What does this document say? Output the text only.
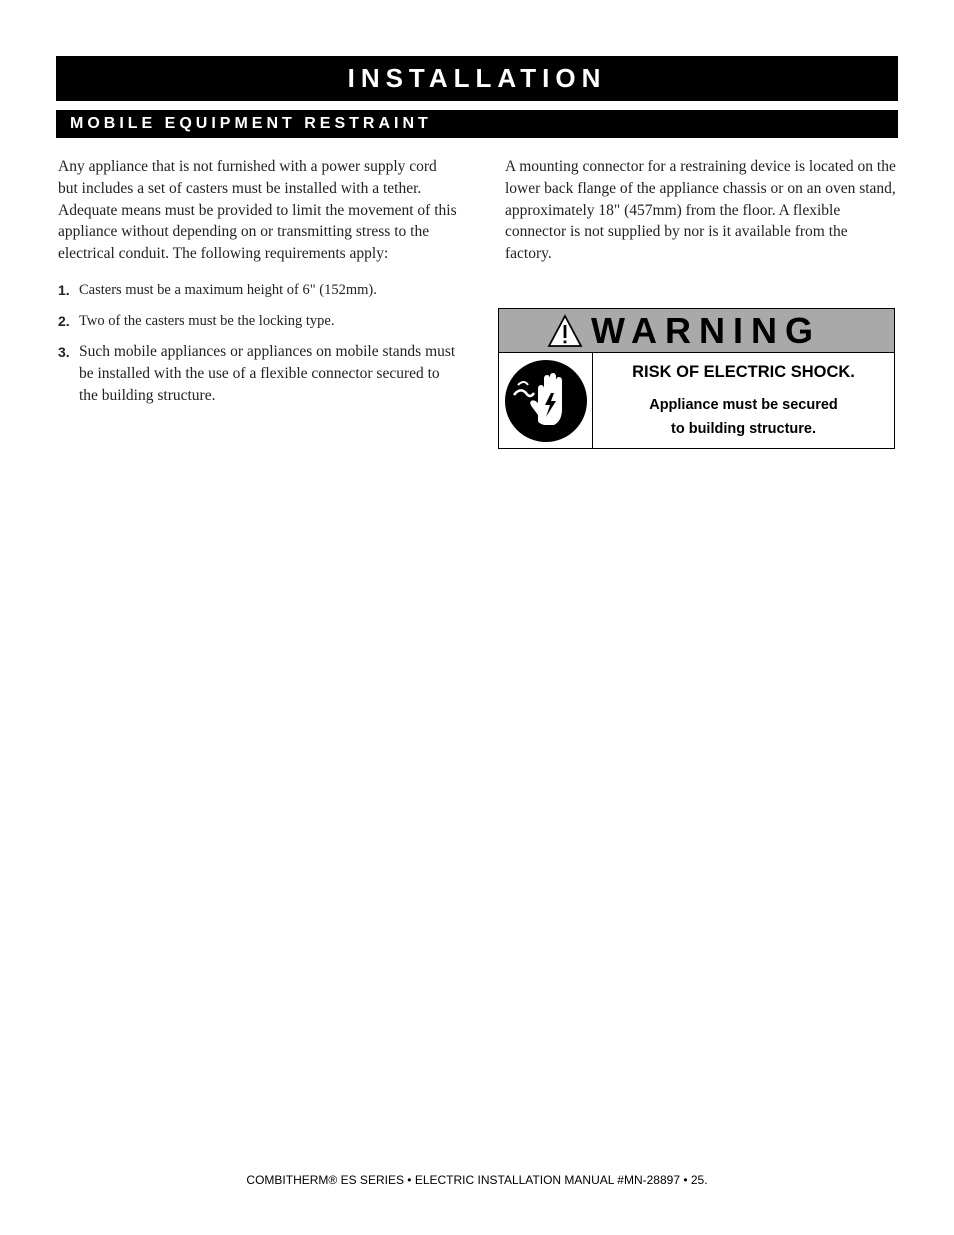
INSTALLATION
MOBILE EQUIPMENT RESTRAINT

Any appliance that is not furnished with a power supply cord but includes a set of casters must be installed with a tether. Adequate means must be provided to limit the movement of this appliance without depending on or transmitting stress to the electrical conduit. The following requirements apply:

1. Casters must be a maximum height of 6" (152mm).
2. Two of the casters must be the locking type.
3. Such mobile appliances or appliances on mobile stands must be installed with the use of a flexible connector secured to the building structure.

A mounting connector for a restraining device is located on the lower back flange of the appliance chassis or on an oven stand, approximately 18" (457mm) from the floor. A flexible connector is not supplied by nor is it available from the factory.

WARNING
RISK OF ELECTRIC SHOCK.
Appliance must be secured
to building structure.
COMBITHERM® ES SERIES • ELECTRIC INSTALLATION MANUAL #MN-28897 • 25.
